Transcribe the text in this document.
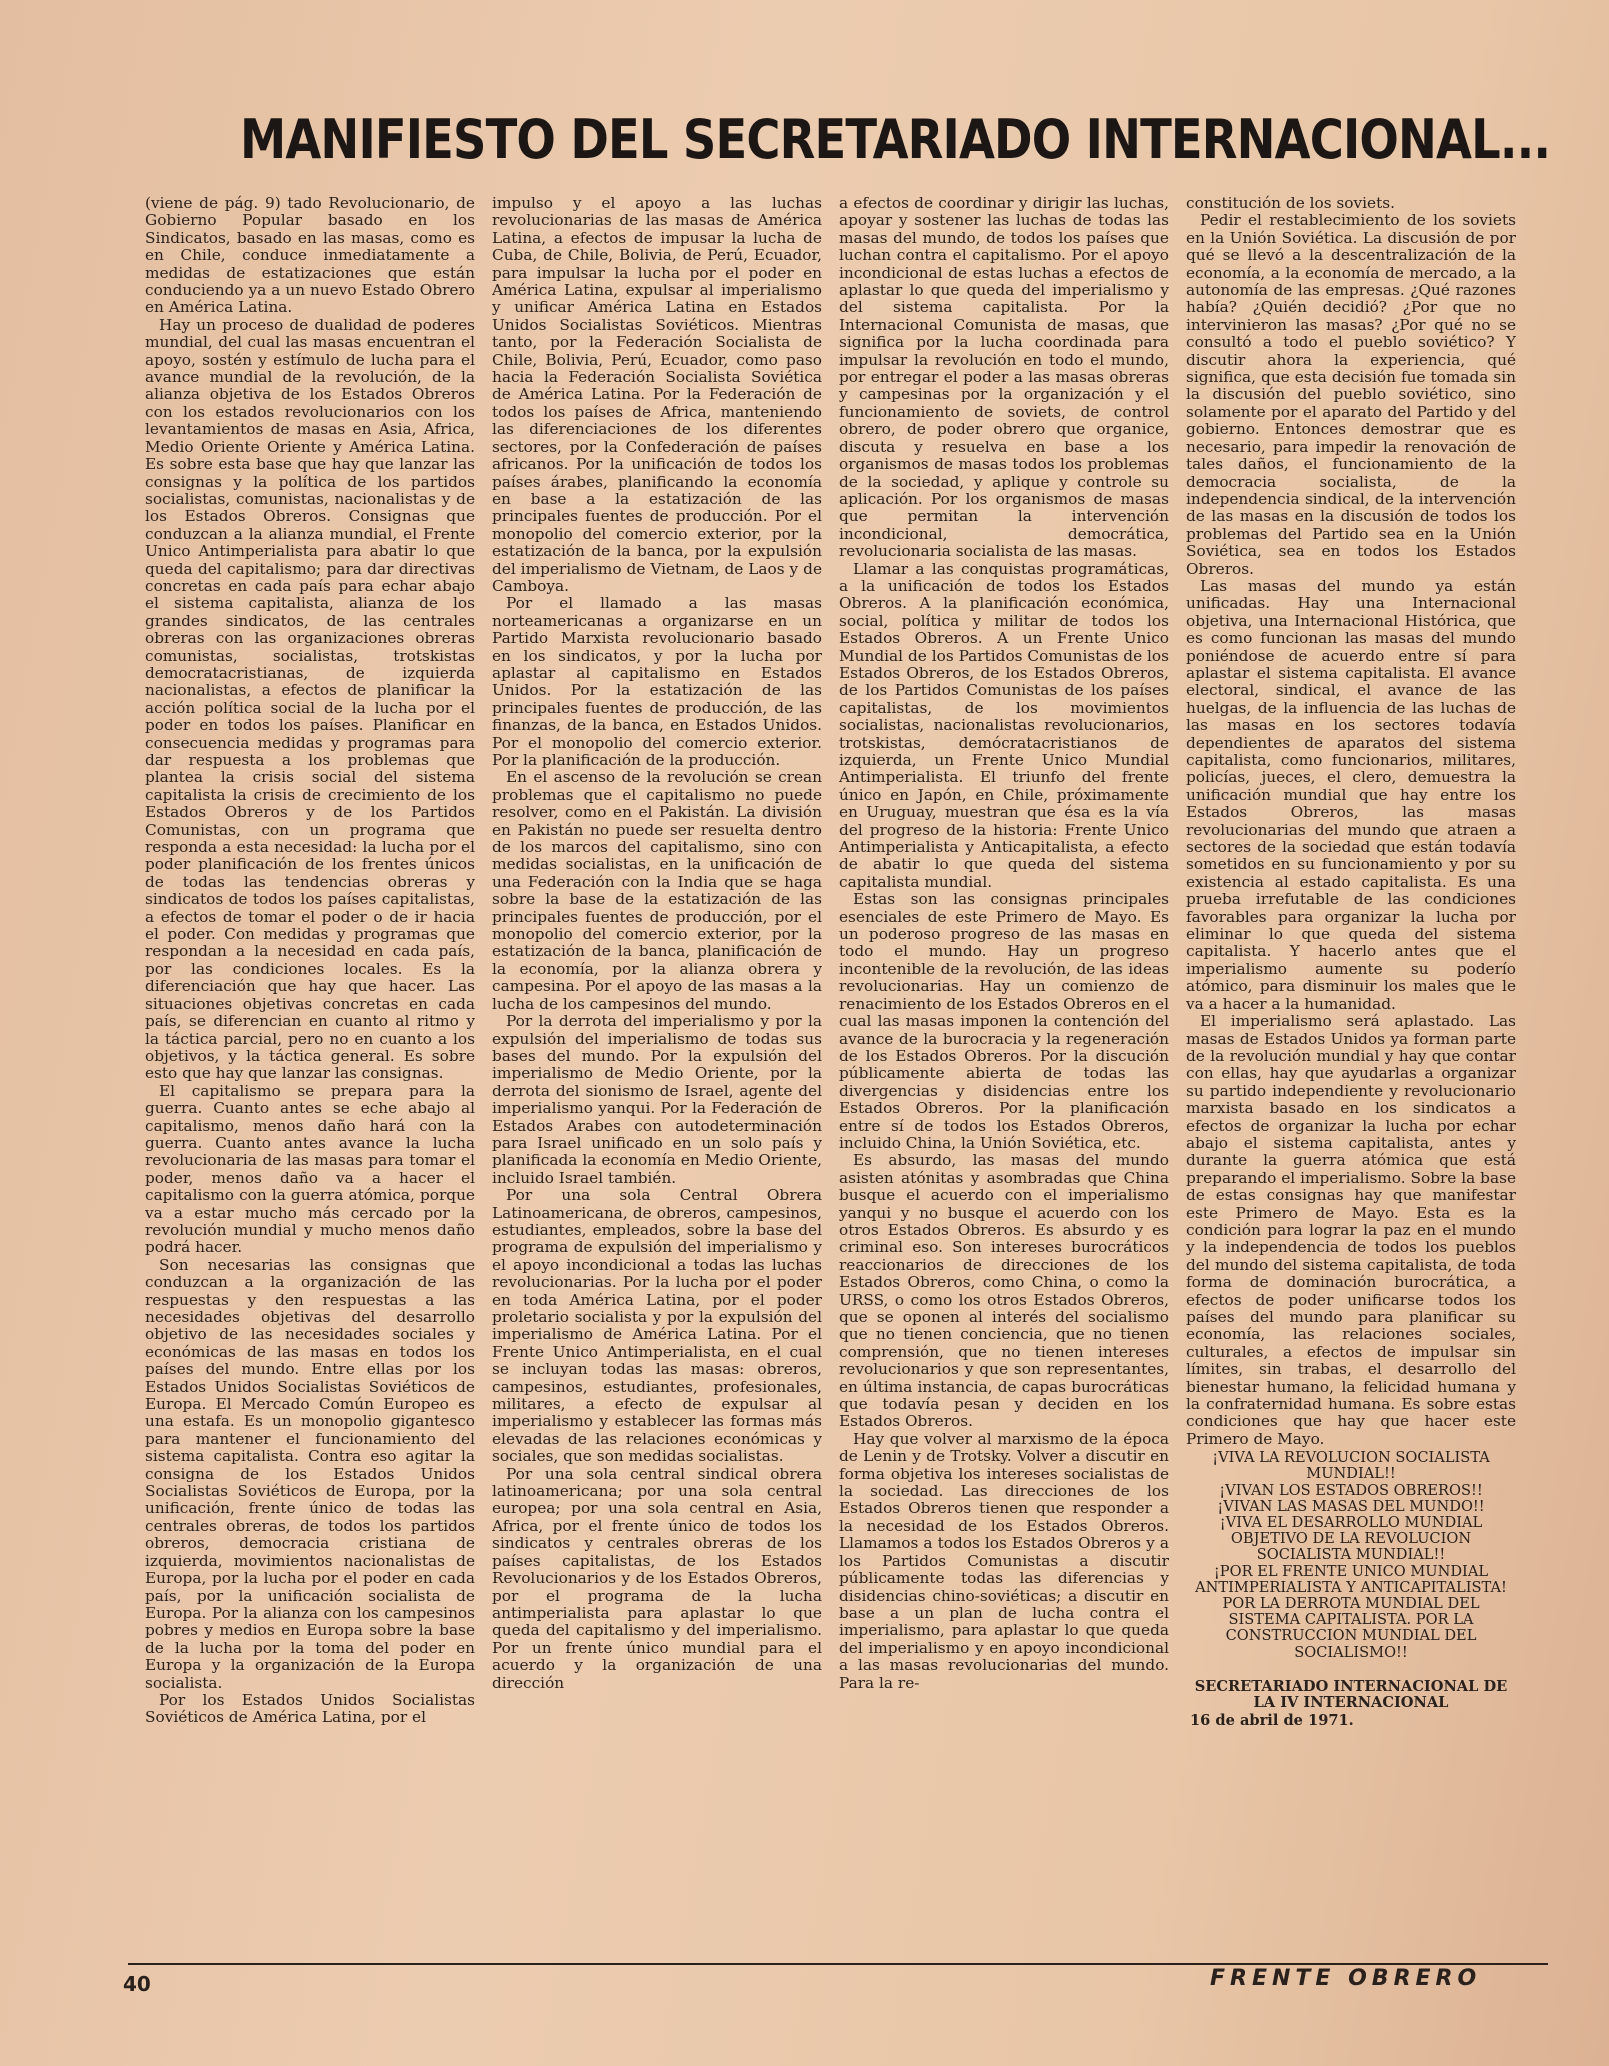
MANIFIESTO DEL SECRETARIADO INTERNACIONAL...

(viene de pág. 9) tado Revolucionario, de Gobierno Popular basado en los Sindicatos, basado en las masas, como es en Chile, conduce inmediatamente a medidas de estatizaciones que están conduciendo ya a un nuevo Estado Obrero en América Latina.

Hay un proceso de dualidad de poderes mundial, del cual las masas encuentran el apoyo, sostén y estímulo de lucha para el avance mundial de la revolución, de la alianza objetiva de los Estados Obreros con los estados revolucionarios con los levantamientos de masas en Asia, Africa, Medio Oriente Oriente y América Latina. Es sobre esta base que hay que lanzar las consignas y la política de los partidos socialistas, comunistas, nacionalistas y de los Estados Obreros. Consignas que conduzcan a la alianza mundial, el Frente Unico Antimperialista para abatir lo que queda del capitalismo; para dar directivas concretas en cada país para echar abajo el sistema capitalista, alianza de los grandes sindicatos, de las centrales obreras con las organizaciones obreras comunistas, socialistas, trotskistas democratacristianas, de izquierda nacionalistas, a efectos de planificar la acción política social de la lucha por el poder en todos los países. Planificar en consecuencia medidas y programas para dar respuesta a los problemas que plantea la crisis social del sistema capitalista la crisis de crecimiento de los Estados Obreros y de los Partidos Comunistas, con un programa que responda a esta necesidad: la lucha por el poder planificación de los frentes únicos de todas las tendencias obreras y sindicatos de todos los países capitalistas, a efectos de tomar el poder o de ir hacia el poder. Con medidas y programas que respondan a la necesidad en cada país, por las condiciones locales. Es la diferenciación que hay que hacer. Las situaciones objetivas concretas en cada país, se diferencian en cuanto al ritmo y la táctica parcial, pero no en cuanto a los objetivos, y la táctica general. Es sobre esto que hay que lanzar las consignas.

El capitalismo se prepara para la guerra. Cuanto antes se eche abajo al capitalismo, menos daño hará con la guerra. Cuanto antes avance la lucha revolucionaria de las masas para tomar el poder, menos daño va a hacer el capitalismo con la guerra atómica, porque va a estar mucho más cercado por la revolución mundial y mucho menos daño podrá hacer.

Son necesarias las consignas que conduzcan a la organización de las respuestas y den respuestas a las necesidades objetivas del desarrollo objetivo de las necesidades sociales y económicas de las masas en todos los países del mundo. Entre ellas por los Estados Unidos Socialistas Soviéticos de Europa. El Mercado Común Europeo es una estafa. Es un monopolio gigantesco para mantener el funcionamiento del sistema capitalista. Contra eso agitar la consigna de los Estados Unidos Socialistas Soviéticos de Europa, por la unificación, frente único de todas las centrales obreras, de todos los partidos obreros, democracia cristiana de izquierda, movimientos nacionalistas de Europa, por la lucha por el poder en cada país, por la unificación socialista de Europa. Por la alianza con los campesinos pobres y medios en Europa sobre la base de la lucha por la toma del poder en Europa y la organización de la Europa socialista.

Por los Estados Unidos Socialistas Soviéticos de América Latina, por el

impulso y el apoyo a las luchas revolucionarias de las masas de América Latina, a efectos de impusar la lucha de Cuba, de Chile, Bolivia, de Perú, Ecuador, para impulsar la lucha por el poder en América Latina, expulsar al imperialismo y unificar América Latina en Estados Unidos Socialistas Soviéticos. Mientras tanto, por la Federación Socialista de Chile, Bolivia, Perú, Ecuador, como paso hacia la Federación Socialista Soviética de América Latina. Por la Federación de todos los países de Africa, manteniendo las diferenciaciones de los diferentes sectores, por la Confederación de países africanos. Por la unificación de todos los países árabes, planificando la economía en base a la estatización de las principales fuentes de producción. Por el monopolio del comercio exterior, por la estatización de la banca, por la expulsión del imperialismo de Vietnam, de Laos y de Camboya.

Por el llamado a las masas norteamericanas a organizarse en un Partido Marxista revolucionario basado en los sindicatos, y por la lucha por aplastar al capitalismo en Estados Unidos. Por la estatización de las principales fuentes de producción, de las finanzas, de la banca, en Estados Unidos. Por el monopolio del comercio exterior. Por la planificación de la producción.

En el ascenso de la revolución se crean problemas que el capitalismo no puede resolver, como en el Pakistán. La división en Pakistán no puede ser resuelta dentro de los marcos del capitalismo, sino con medidas socialistas, en la unificación de una Federación con la India que se haga sobre la base de la estatización de las principales fuentes de producción, por el monopolio del comercio exterior, por la estatización de la banca, planificación de la economía, por la alianza obrera y campesina. Por el apoyo de las masas a la lucha de los campesinos del mundo.

Por la derrota del imperialismo y por la expulsión del imperialismo de todas sus bases del mundo. Por la expulsión del imperialismo de Medio Oriente, por la derrota del sionismo de Israel, agente del imperialismo yanqui. Por la Federación de Estados Arabes con autodeterminación para Israel unificado en un solo país y planificada la economía en Medio Oriente, incluido Israel también.

Por una sola Central Obrera Latinoamericana, de obreros, campesinos, estudiantes, empleados, sobre la base del programa de expulsión del imperialismo y el apoyo incondicional a todas las luchas revolucionarias. Por la lucha por el poder en toda América Latina, por el poder proletario socialista y por la expulsión del imperialismo de América Latina. Por el Frente Unico Antimperialista, en el cual se incluyan todas las masas: obreros, campesinos, estudiantes, profesionales, militares, a efecto de expulsar al imperialismo y establecer las formas más elevadas de las relaciones económicas y sociales, que son medidas socialistas.

Por una sola central sindical obrera latinoamericana; por una sola central europea; por una sola central en Asia, Africa, por el frente único de todos los sindicatos y centrales obreras de los países capitalistas, de los Estados Revolucionarios y de los Estados Obreros, por el programa de la lucha antimperialista para aplastar lo que queda del capitalismo y del imperialismo. Por un frente único mundial para el acuerdo y la organización de una dirección

a efectos de coordinar y dirigir las luchas, apoyar y sostener las luchas de todas las masas del mundo, de todos los países que luchan contra el capitalismo. Por el apoyo incondicional de estas luchas a efectos de aplastar lo que queda del imperialismo y del sistema capitalista. Por la Internacional Comunista de masas, que significa por la lucha coordinada para impulsar la revolución en todo el mundo, por entregar el poder a las masas obreras y campesinas por la organización y el funcionamiento de soviets, de control obrero, de poder obrero que organice, discuta y resuelva en base a los organismos de masas todos los problemas de la sociedad, y aplique y controle su aplicación. Por los organismos de masas que permitan la intervención incondicional, democrática, revolucionaria socialista de las masas.

Llamar a las conquistas programáticas, a la unificación de todos los Estados Obreros. A la planificación económica, social, política y militar de todos los Estados Obreros. A un Frente Unico Mundial de los Partidos Comunistas de los Estados Obreros, de los Estados Obreros, de los Partidos Comunistas de los países capitalistas, de los movimientos socialistas, nacionalistas revolucionarios, trotskistas, demócratacristianos de izquierda, un Frente Unico Mundial Antimperialista. El triunfo del frente único en Japón, en Chile, próximamente en Uruguay, muestran que ésa es la vía del progreso de la historia: Frente Unico Antimperialista y Anticapitalista, a efecto de abatir lo que queda del sistema capitalista mundial.

Estas son las consignas principales esenciales de este Primero de Mayo. Es un poderoso progreso de las masas en todo el mundo. Hay un progreso incontenible de la revolución, de las ideas revolucionarias. Hay un comienzo de renacimiento de los Estados Obreros en el cual las masas imponen la contención del avance de la burocracia y la regeneración de los Estados Obreros. Por la discución públicamente abierta de todas las divergencias y disidencias entre los Estados Obreros. Por la planificación entre sí de todos los Estados Obreros, incluido China, la Unión Soviética, etc.

Es absurdo, las masas del mundo asisten atónitas y asombradas que China busque el acuerdo con el imperialismo yanqui y no busque el acuerdo con los otros Estados Obreros. Es absurdo y es criminal eso. Son intereses burocráticos reaccionarios de direcciones de los Estados Obreros, como China, o como la URSS, o como los otros Estados Obreros, que se oponen al interés del socialismo que no tienen conciencia, que no tienen comprensión, que no tienen intereses revolucionarios y que son representantes, en última instancia, de capas burocráticas que todavía pesan y deciden en los Estados Obreros.

Hay que volver al marxismo de la época de Lenin y de Trotsky. Volver a discutir en forma objetiva los intereses socialistas de la sociedad. Las direcciones de los Estados Obreros tienen que responder a la necesidad de los Estados Obreros. Llamamos a todos los Estados Obreros y a los Partidos Comunistas a discutir públicamente todas las diferencias y disidencias chino-soviéticas; a discutir en base a un plan de lucha contra el imperialismo, para aplastar lo que queda del imperialismo y en apoyo incondicional a las masas revolucionarias del mundo. Para la re-

constitución de los soviets.

Pedir el restablecimiento de los soviets en la Unión Soviética. La discusión de por qué se llevó a la descentralización de la economía, a la economía de mercado, a la autonomía de las empresas. ¿Qué razones había? ¿Quién decidió? ¿Por que no intervinieron las masas? ¿Por qué no se consultó a todo el pueblo soviético? Y discutir ahora la experiencia, qué significa, que esta decisión fue tomada sin la discusión del pueblo soviético, sino solamente por el aparato del Partido y del gobierno. Entonces demostrar que es necesario, para impedir la renovación de tales daños, el funcionamiento de la democracia socialista, de la independencia sindical, de la intervención de las masas en la discusión de todos los problemas del Partido sea en la Unión Soviética, sea en todos los Estados Obreros.

Las masas del mundo ya están unificadas. Hay una Internacional objetiva, una Internacional Histórica, que es como funcionan las masas del mundo poniéndose de acuerdo entre sí para aplastar el sistema capitalista. El avance electoral, sindical, el avance de las huelgas, de la influencia de las luchas de las masas en los sectores todavía dependientes de aparatos del sistema capitalista, como funcionarios, militares, policías, jueces, el clero, demuestra la unificación mundial que hay entre los Estados Obreros, las masas revolucionarias del mundo que atraen a sectores de la sociedad que están todavía sometidos en su funcionamiento y por su existencia al estado capitalista. Es una prueba irrefutable de las condiciones favorables para organizar la lucha por eliminar lo que queda del sistema capitalista. Y hacerlo antes que el imperialismo aumente su poderío atómico, para disminuir los males que le va a hacer a la humanidad.

El imperialismo será aplastado. Las masas de Estados Unidos ya forman parte de la revolución mundial y hay que contar con ellas, hay que ayudarlas a organizar su partido independiente y revolucionario marxista basado en los sindicatos a efectos de organizar la lucha por echar abajo el sistema capitalista, antes y durante la guerra atómica que está preparando el imperialismo. Sobre la base de estas consignas hay que manifestar este Primero de Mayo. Esta es la condición para lograr la paz en el mundo y la independencia de todos los pueblos del mundo del sistema capitalista, de toda forma de dominación burocrática, a efectos de poder unificarse todos los países del mundo para planificar su economía, las relaciones sociales, culturales, a efectos de impulsar sin límites, sin trabas, el desarrollo del bienestar humano, la felicidad humana y la confraternidad humana. Es sobre estas condiciones que hay que hacer este Primero de Mayo.

¡VIVA LA REVOLUCION SOCIALISTA MUNDIAL!!
¡VIVAN LOS ESTADOS OBREROS!!
¡VIVAN LAS MASAS DEL MUNDO!!
¡VIVA EL DESARROLLO MUNDIAL OBJETIVO DE LA REVOLUCION SOCIALISTA MUNDIAL!!
¡POR EL FRENTE UNICO MUNDIAL ANTIMPERIALISTA Y ANTICAPITALISTA! POR LA DERROTA MUNDIAL DEL SISTEMA CAPITALISTA. POR LA CONSTRUCCION MUNDIAL DEL SOCIALISMO!!
SECRETARIADO INTERNACIONAL DE LA IV INTERNACIONAL
16 de abril de 1971.
40	FRENTE OBRERO
